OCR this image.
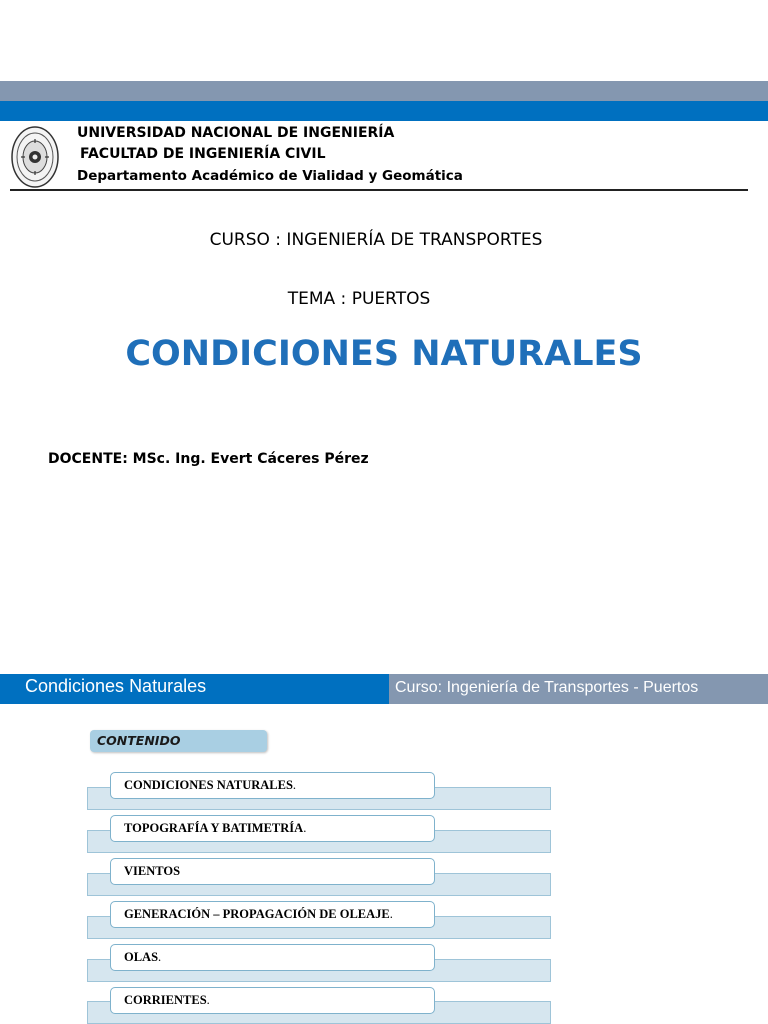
UNIVERSIDAD NACIONAL DE INGENIERÍA
FACULTAD DE INGENIERÍA CIVIL
Departamento Académico de Vialidad y Geomática
CURSO : INGENIERÍA DE TRANSPORTES
TEMA : PUERTOS
CONDICIONES NATURALES
DOCENTE: MSc. Ing. Evert Cáceres Pérez
Condiciones Naturales	Curso: Ingeniería de Transportes - Puertos
CONTENIDO
CONDICIONES NATURALES.
TOPOGRAFÍA Y BATIMETRÍA.
VIENTOS
GENERACIÓN – PROPAGACIÓN DE OLEAJE.
OLAS.
CORRIENTES.
